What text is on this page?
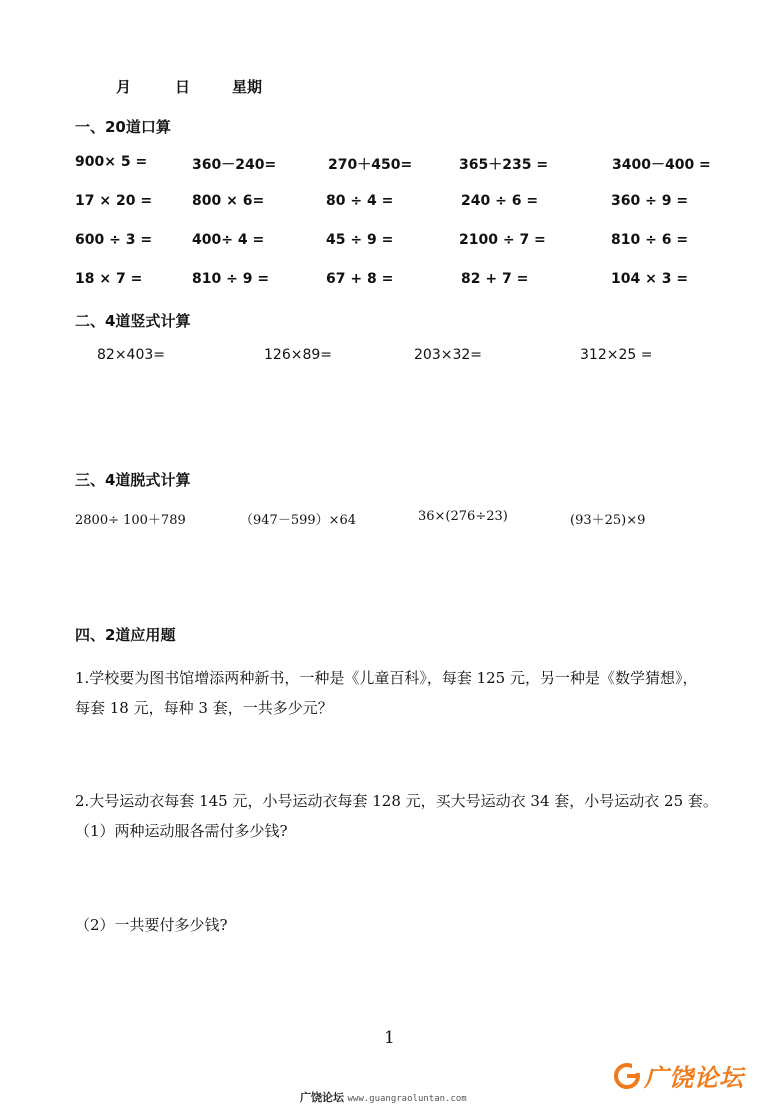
月	日	星期
一、20道口算
900× 5 =	360－240=	270＋450=	365＋235 =	3400－400 =
17 × 20 =	800 × 6=	80 ÷ 4 =	240 ÷ 6 =	360 ÷ 9 =
600 ÷ 3 =	400÷ 4 =	45 ÷ 9 =	2100 ÷ 7 =	810 ÷ 6 =
18 × 7 =	810 ÷ 9 =	67 + 8 =	82 + 7 =	104 × 3 =
二、4道竖式计算
82×403=	126×89=	203×32=	312×25 =
三、4道脱式计算
2800÷ 100＋789	（947－599）×64	36×(276÷23)	(93＋25)×9
四、2道应用题
1.学校要为图书馆增添两种新书，一种是《儿童百科》，每套 125 元，另一种是《数学猜想》，
每套 18 元，每种 3 套，一共多少元？
2.大号运动衣每套 145 元，小号运动衣每套 128 元，买大号运动衣 34 套，小号运动衣 25 套。
（1）两种运动服各需付多少钱?
（2）一共要付多少钱?
1
广饶论坛 www.guangraoluntan.com
广饶论坛
